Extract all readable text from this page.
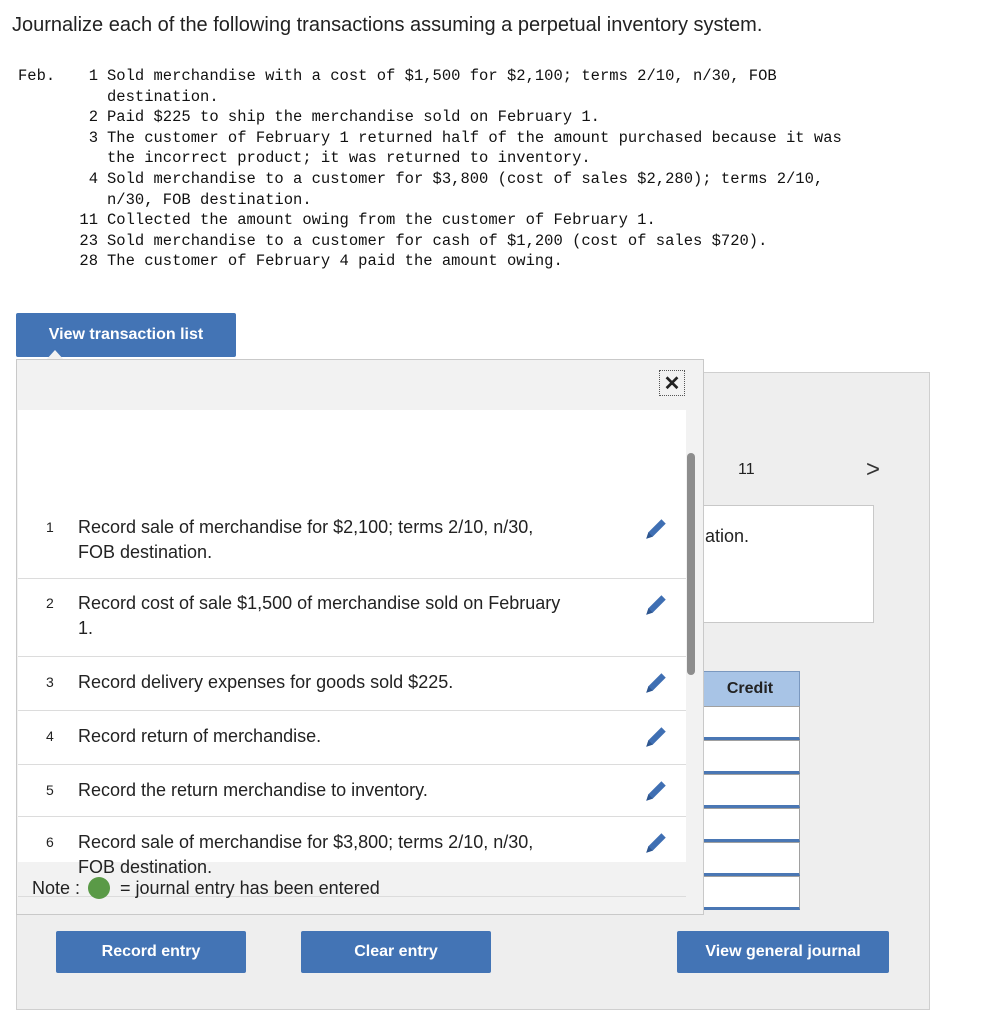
Journalize each of the following transactions assuming a perpetual inventory system.
Feb.	1 Sold merchandise with a cost of $1,500 for $2,100; terms 2/10, n/30, FOB
destination.
2 Paid $225 to ship the merchandise sold on February 1.
3 The customer of February 1 returned half of the amount purchased because it was
the incorrect product; it was returned to inventory.
4 Sold merchandise to a customer for $3,800 (cost of sales $2,280); terms 2/10,
n/30, FOB destination.
11 Collected the amount owing from the customer of February 1.
23 Sold merchandise to a customer for cash of $1,200 (cost of sales $720).
28 The customer of February 4 paid the amount owing.
View transaction list
11	>
ation.
Credit
Record entry	Clear entry	View general journal
✕
1 Record sale of merchandise for $2,100; terms 2/10, n/30, FOB destination.
2 Record cost of sale $1,500 of merchandise sold on February 1.
3 Record delivery expenses for goods sold $225.
4 Record return of merchandise.
5 Record the return merchandise to inventory.
6 Record sale of merchandise for $3,800; terms 2/10, n/30, FOB destination.
Note : = journal entry has been entered
